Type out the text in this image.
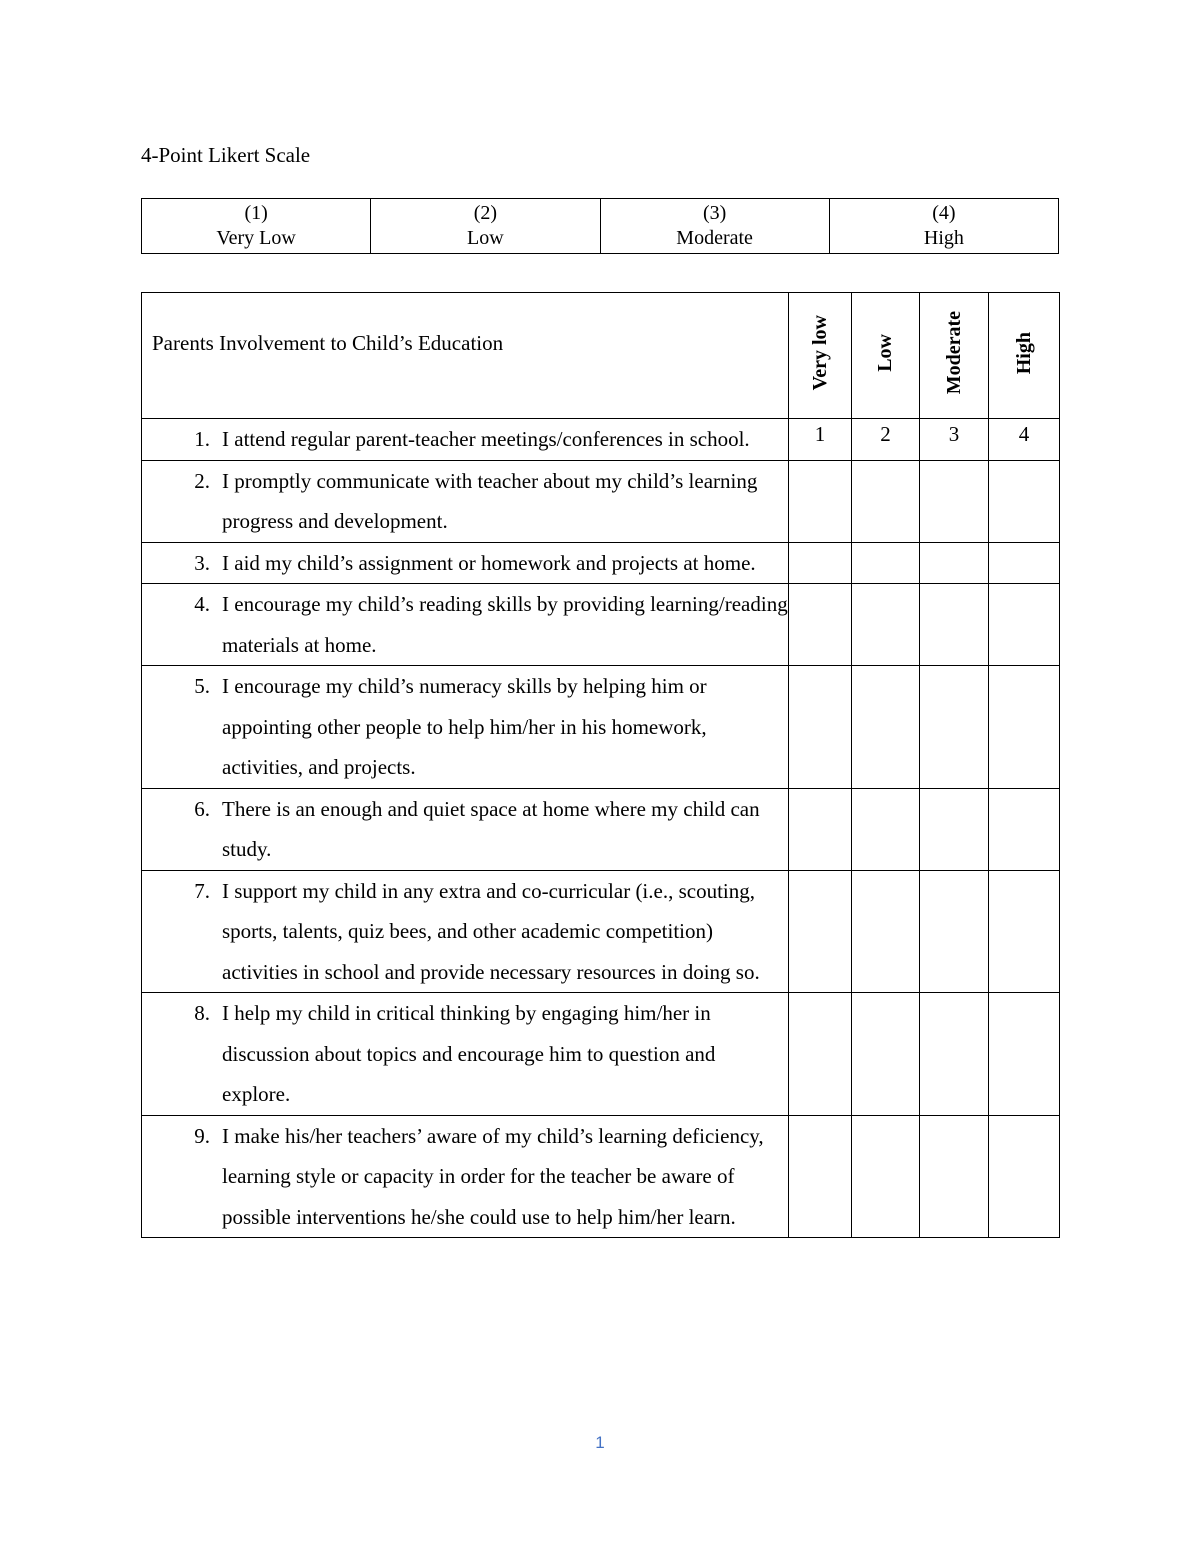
4-Point Likert Scale
(1)
Very Low

(2)
Low

(3)
Moderate

(4)
High
Parents Involvement to Child’s Education	Very low	Low	Moderate	High

1. I attend regular parent-teacher meetings/conferences in school.	1	2	3	4

2. I promptly communicate with teacher about my child’s learning progress and development.				

3. I aid my child’s assignment or homework and projects at home.				

4. I encourage my child’s reading skills by providing learning/reading materials at home.				

5. I encourage my child’s numeracy skills by helping him or appointing other people to help him/her in his homework, activities, and projects.				

6. There is an enough and quiet space at home where my child can study.				

7. I support my child in any extra and co-curricular (i.e., scouting, sports, talents, quiz bees, and other academic competition) activities in school and provide necessary resources in doing so.				

8. I help my child in critical thinking by engaging him/her in discussion about topics and encourage him to question and explore.				

9. I make his/her teachers’ aware of my child’s learning deficiency, learning style or capacity in order for the teacher be aware of possible interventions he/she could use to help him/her learn.				

1
